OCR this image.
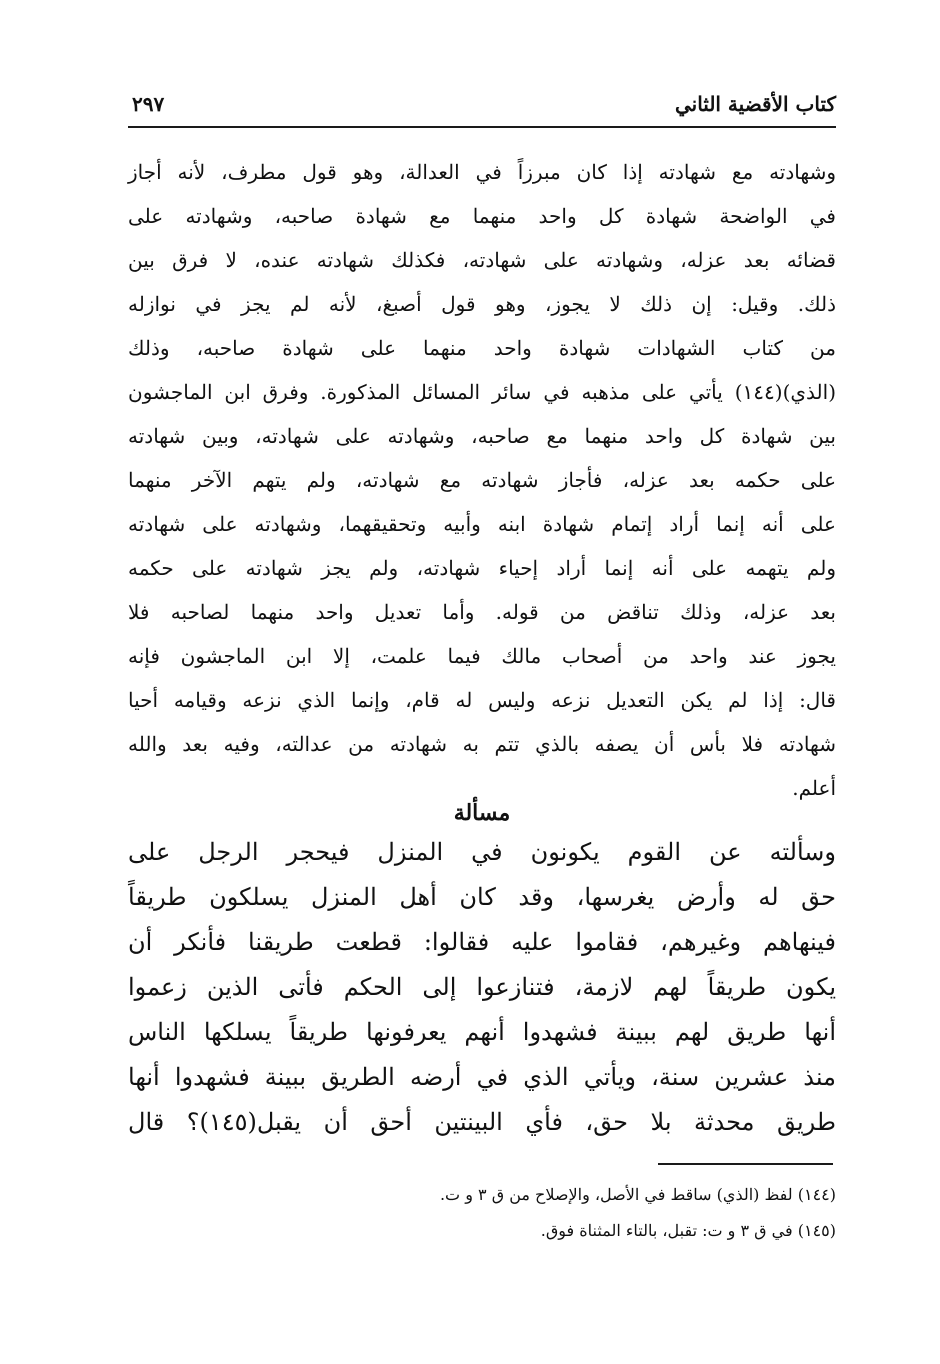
كتاب الأقضية الثاني
٢٩٧
وشهادته مع شهادته إذا كان مبرزاً في العدالة، وهو قول مطرف، لأنه أجاز
في الواضحة شهادة كل واحد منهما مع شهادة صاحبه، وشهادته على
قضائه بعد عزله، وشهادته على شهادته، فكذلك شهادته عنده، لا فرق بين
ذلك. وقيل: إن ذلك لا يجوز، وهو قول أصبغ، لأنه لم يجز في نوازله
من كتاب الشهادات شهادة واحد منهما على شهادة صاحبه، وذلك
(الذي)(١٤٤) يأتي على مذهبه في سائر المسائل المذكورة. وفرق ابن الماجشون
بين شهادة كل واحد منهما مع صاحبه، وشهادته على شهادته، وبين شهادته
على حكمه بعد عزله، فأجاز شهادته مع شهادته، ولم يتهم الآخر منهما
على أنه إنما أراد إتمام شهادة ابنه وأبيه وتحقيقهما، وشهادته على شهادته
ولم يتهمه على أنه إنما أراد إحياء شهادته، ولم يجز شهادته على حكمه
بعد عزله، وذلك تناقض من قوله. وأما تعديل واحد منهما لصاحبه فلا
يجوز عند واحد من أصحاب مالك فيما علمت، إلا ابن الماجشون فإنه
قال: إذا لم يكن التعديل نزعه وليس له قام، وإنما الذي نزعه وقيامه أحيا
شهادته فلا بأس أن يصفه بالذي تتم به شهادته من عدالته، وفيه بعد والله
أعلم.
مسألة
وسألته عن القوم يكونون في المنزل فيحجر الرجل على
حق له وأرض يغرسها، وقد كان أهل المنزل يسلكون طريقاً
فينهاهم وغيرهم، فقاموا عليه فقالوا: قطعت طريقنا فأنكر أن
يكون طريقاً لهم لازمة، فتنازعوا إلى الحكم فأتى الذين زعموا
أنها طريق لهم ببينة فشهدوا أنهم يعرفونها طريقاً يسلكها الناس
منذ عشرين سنة، ويأتي الذي في أرضه الطريق ببينة فشهدوا أنها
طريق محدثة بلا حق، فأي البينتين أحق أن يقبل(١٤٥)؟ قال
(١٤٤) لفظ (الذي) ساقط في الأصل، والإصلاح من ق ٣ و ت.
(١٤٥) في ق ٣ و ت: تقبل، بالتاء المثناة فوق.
